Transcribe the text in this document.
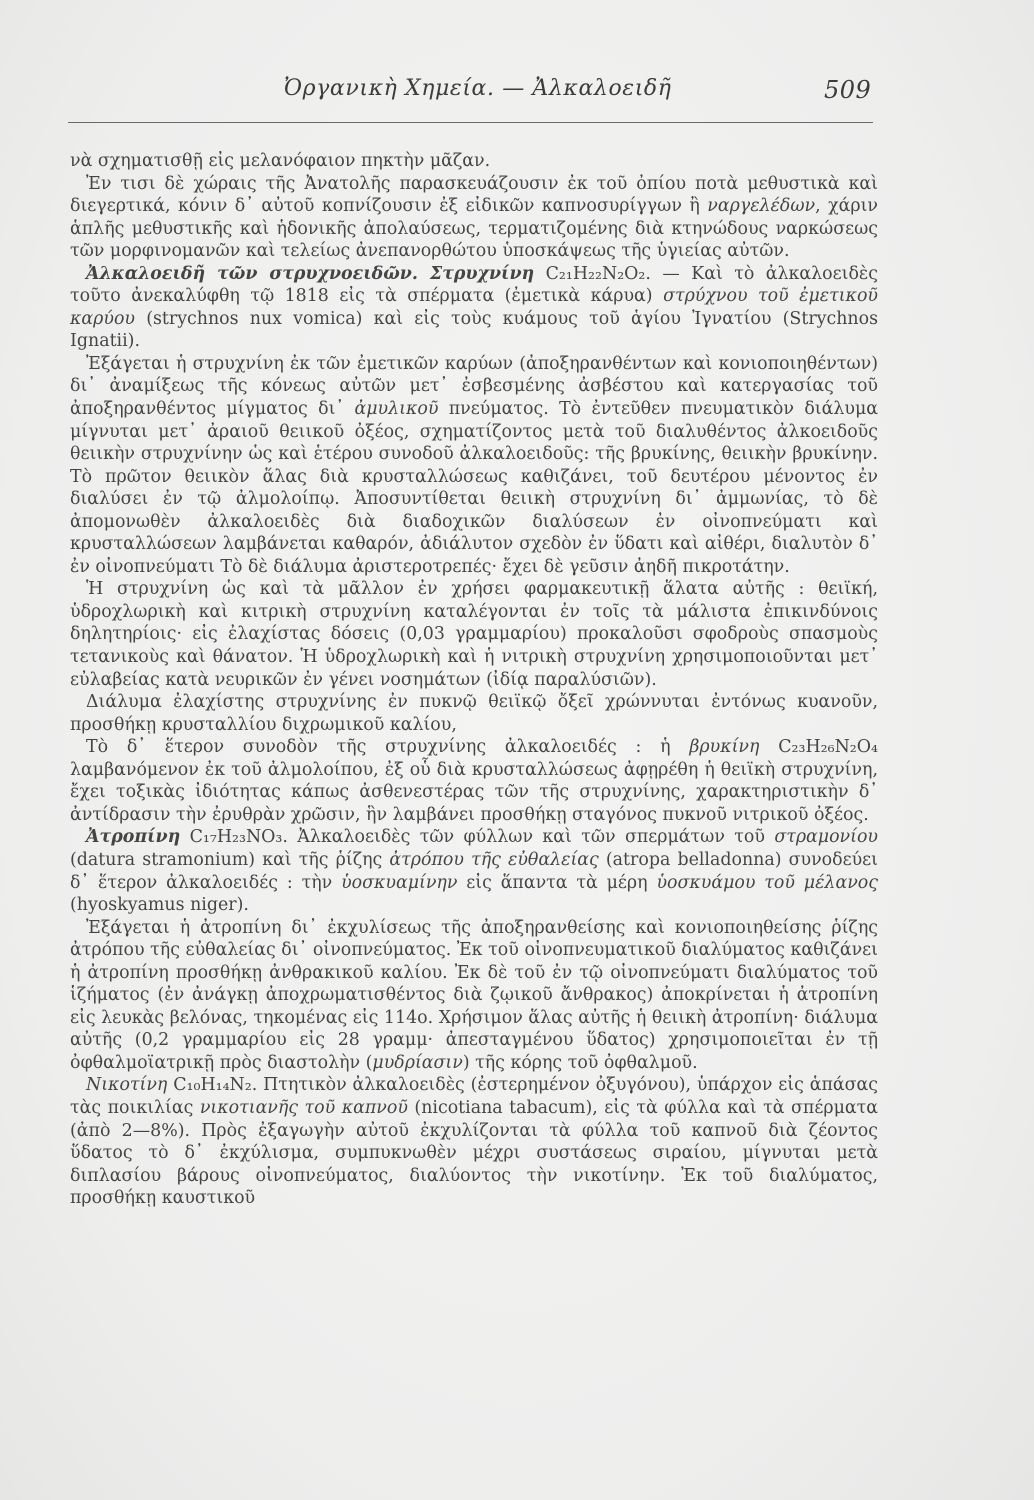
Ὀργανικὴ Χημεία. — Ἀλκαλοειδῆ	509

νὰ σχηματισθῇ εἰς μελανόφαιον πηκτὴν μᾶζαν.

Ἐν τισι δὲ χώραις τῆς Ἀνατολῆς παρασκευάζουσιν ἐκ τοῦ ὀπίου ποτὰ μεθυστικὰ καὶ διεγερτικά, κόνιν δ᾽ αὐτοῦ κοπνίζουσιν ἐξ εἰδικῶν καπνοσυρίγγων ἢ ναργελέδων, χάριν ἁπλῆς μεθυστικῆς καὶ ἡδονικῆς ἀπολαύσεως, τερματιζομένης διὰ κτηνώδους ναρκώσεως τῶν μορφινομανῶν καὶ τελείως ἀνεπανορθώτου ὑποσκάψεως τῆς ὑγιείας αὐτῶν.

Ἀλκαλοειδῆ τῶν στρυχνοειδῶν. Στρυχνίνη C₂₁H₂₂N₂O₂. — Καὶ τὸ ἀλκαλοειδὲς τοῦτο ἀνεκαλύφθη τῷ 1818 εἰς τὰ σπέρματα (ἐμετικὰ κάρυα) στρύχνου τοῦ ἐμετικοῦ καρύου (strychnos nux vomica) καὶ εἰς τοὺς κυάμους τοῦ ἁγίου Ἰγνατίου (Strychnos Ignatii).

Ἐξάγεται ἡ στρυχνίνη ἐκ τῶν ἐμετικῶν καρύων (ἀποξηρανθέντων καὶ κονιοποιηθέντων) δι᾽ ἀναμίξεως τῆς κόνεως αὐτῶν μετ᾽ ἐσβεσμένης ἀσβέστου καὶ κατεργασίας τοῦ ἀποξηρανθέντος μίγματος δι᾽ ἀμυλικοῦ πνεύματος. Τὸ ἐντεῦθεν πνευματικὸν διάλυμα μίγνυται μετ᾽ ἀραιοῦ θειικοῦ ὀξέος, σχηματίζοντος μετὰ τοῦ διαλυθέντος ἀλκοειδοῦς θειικὴν στρυχνίνην ὡς καὶ ἑτέρου συνοδοῦ ἀλκαλοειδοῦς: τῆς βρυκίνης, θειικὴν βρυκίνην. Τὸ πρῶτον θειικὸν ἅλας διὰ κρυσταλλώσεως καθιζάνει, τοῦ δευτέρου μένοντος ἐν διαλύσει ἐν τῷ ἀλμολοίπῳ. Ἀποσυντίθεται θειικὴ στρυχνίνη δι᾽ ἀμμωνίας, τὸ δὲ ἀπομονωθὲν ἀλκαλοειδὲς διὰ διαδοχικῶν διαλύσεων ἐν οἰνοπνεύματι καὶ κρυσταλλώσεων λαμβάνεται καθαρόν, ἀδιάλυτον σχεδὸν ἐν ὕδατι καὶ αἰθέρι, διαλυτὸν δ᾽ ἐν οἰνοπνεύματι Τὸ δὲ διάλυμα ἀριστεροτρεπές· ἔχει δὲ γεῦσιν ἀηδῆ πικροτάτην.

Ἡ στρυχνίνη ὡς καὶ τὰ μᾶλλον ἐν χρήσει φαρμακευτικῇ ἅλατα αὐτῆς : θειϊκή, ὑδροχλωρικὴ καὶ κιτρικὴ στρυχνίνη καταλέγονται ἐν τοῖς τὰ μάλιστα ἐπικινδύνοις δηλητηρίοις· εἰς ἐλαχίστας δόσεις (0,03 γραμμαρίου) προκαλοῦσι σφοδροὺς σπασμοὺς τετανικοὺς καὶ θάνατον. Ἡ ὑδροχλωρικὴ καὶ ἡ νιτρικὴ στρυχνίνη χρησιμοποιοῦνται μετ᾽ εὐλαβείας κατὰ νευρικῶν ἐν γένει νοσημάτων (ἰδίᾳ παραλύσιῶν).

Διάλυμα ἐλαχίστης στρυχνίνης ἐν πυκνῷ θειϊκῷ ὄξεῖ χρώννυται ἐντόνως κυανοῦν, προσθήκῃ κρυσταλλίου διχρωμικοῦ καλίου,

Τὸ δ᾽ ἕτερον συνοδὸν τῆς στρυχνίνης ἀλκαλοειδές : ἡ βρυκίνη C₂₃H₂₆N₂O₄ λαμβανόμενον ἐκ τοῦ ἀλμολοίπου, ἐξ οὗ διὰ κρυσταλλώσεως ἀφῃρέθη ἡ θειϊκὴ στρυχνίνη, ἔχει τοξικὰς ἰδιότητας κάπως ἀσθενεστέρας τῶν τῆς στρυχνίνης, χαρακτηριστικὴν δ᾽ ἀντίδρασιν τὴν ἐρυθρὰν χρῶσιν, ἣν λαμβάνει προσθήκῃ σταγόνος πυκνοῦ νιτρικοῦ ὀξέος.

Ἀτροπίνη C₁₇H₂₃NO₃. Ἀλκαλοειδὲς τῶν φύλλων καὶ τῶν σπερμάτων τοῦ στραμονίου (datura stramonium) καὶ τῆς ῥίζης ἀτρόπου τῆς εὐθαλείας (atropa belladonna) συνοδεύει δ᾽ ἕτερον ἀλκαλοειδές : τὴν ὑοσκυαμίνην εἰς ἅπαντα τὰ μέρη ὑοσκυάμου τοῦ μέλανος (hyoskyamus niger).

Ἐξάγεται ἡ ἀτροπίνη δι᾽ ἐκχυλίσεως τῆς ἀποξηρανθείσης καὶ κονιοποιηθείσης ῥίζης ἀτρόπου τῆς εὐθαλείας δι᾽ οἰνοπνεύματος. Ἐκ τοῦ οἰνοπνευματικοῦ διαλύματος καθιζάνει ἡ ἀτροπίνη προσθήκῃ ἀνθρακικοῦ καλίου. Ἐκ δὲ τοῦ ἐν τῷ οἰνοπνεύματι διαλύματος τοῦ ἱζήματος (ἐν ἀνάγκῃ ἀποχρωματισθέντος διὰ ζῳικοῦ ἄνθρακος) ἀποκρίνεται ἡ ἀτροπίνη εἰς λευκὰς βελόνας, τηκομένας εἰς 114ο. Χρήσιμον ἅλας αὐτῆς ἡ θειικὴ ἀτροπίνη· διάλυμα αὐτῆς (0,2 γραμμαρίου εἰς 28 γραμμ· ἀπεσταγμένου ὕδατος) χρησιμοποιεῖται ἐν τῇ ὀφθαλμοϊατρικῇ πρὸς διαστολὴν (μυδρίασιν) τῆς κόρης τοῦ ὀφθαλμοῦ.

Νικοτίνη C₁₀H₁₄N₂. Πτητικὸν ἀλκαλοειδὲς (ἐστερημένον ὀξυγόνου), ὑπάρχον εἰς ἁπάσας τὰς ποικιλίας νικοτιανῆς τοῦ καπνοῦ (nicotiana tabacum), εἰς τὰ φύλλα καὶ τὰ σπέρματα (ἀπὸ 2—8%). Πρὸς ἐξαγωγὴν αὐτοῦ ἐκχυλίζονται τὰ φύλλα τοῦ καπνοῦ διὰ ζέοντος ὕδατος τὸ δ᾽ ἐκχύλισμα, συμπυκνωθὲν μέχρι συστάσεως σιραίου, μίγνυται μετὰ διπλασίου βάρους οἰνοπνεύματος, διαλύοντος τὴν νικοτίνην. Ἐκ τοῦ διαλύματος, προσθήκῃ καυστικοῦ
